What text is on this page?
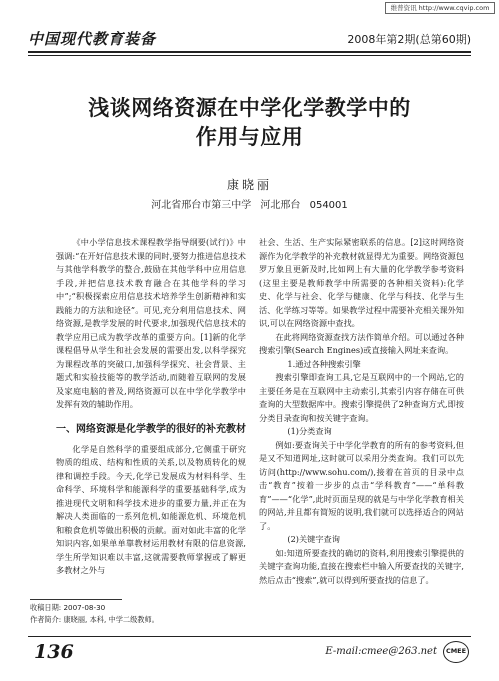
维普资讯 http://www.cqvip.com
中国现代教育装备	2008年第2期(总第60期)
浅谈网络资源在中学化学教学中的
作用与应用
康晓丽
河北省邢台市第三中学 河北邢台 054001

《中小学信息技术课程教学指导纲要(试行)》中强调:“在开好信息技术课的同时,要努力推进信息技术与其他学科教学的整合,鼓励在其他学科中应用信息手段,并把信息技术教育融合在其他学科的学习中”;“积极探索应用信息技术培养学生创新精神和实践能力的方法和途径”。可见,充分利用信息技术、网络资源,是教学发展的时代要求,加强现代信息技术的教学应用已成为教学改革的重要方向。[1]新的化学课程倡导从学生和社会发展的需要出发,以科学探究为课程改革的突破口,加强科学探究、社会背景、主题式和实验技能等的教学活动,而随着互联网的发展及家庭电脑的普及,网络资源可以在中学化学教学中发挥有效的辅助作用。

一、网络资源是化学教学的很好的补充教材

化学是自然科学的重要组成部分,它侧重于研究物质的组成、结构和性质的关系,以及物质转化的规律和调控手段。今天,化学已发展成为材料科学、生命科学、环境科学和能源科学的重要基础科学,成为推进现代文明和科学技术进步的重要力量,并正在为解决人类面临的一系列危机,如能源危机、环境危机和粮食危机等做出积极的贡献。面对如此丰富的化学知识内容,如果单单靠教材运用教材有限的信息资源,学生所学知识难以丰富,这就需要教师掌握或了解更多教材之外与

社会、生活、生产实际紧密联系的信息。[2]这时网络资源作为化学教学的补充教材就显得尤为重要。网络资源包罗万象且更新及时,比如网上有大量的化学教学参考资料(这里主要是教师教学中所需要的各种相关资料):化学史、化学与社会、化学与健康、化学与科技、化学与生活、化学练习等等。如果教学过程中需要补充相关课外知识,可以在网络资源中查找。

在此将网络资源查找方法作简单介绍。可以通过各种搜索引擎(Search Engines)或直接输入网址来查询。

1.通过各种搜索引擎

搜索引擎即查询工具,它是互联网中的一个网站,它的主要任务是在互联网中主动索引,其索引内容存储在可供查询的大型数据库中。搜索引擎提供了2种查询方式,即按分类目录查询和按关键字查询。

(1)分类查询

例如:要查询关于中学化学教育的所有的参考资料,但是又不知道网址,这时就可以采用分类查询。我们可以先访问(http://www.sohu.com/),接着在首页的目录中点击“教育”按着一步步的点击“学科教育”——“单科教育”——“化学”,此时页面呈现的就是与中学化学教育相关的网站,并且都有简短的说明,我们就可以选择适合的网站了。

(2)关键字查询

如:知道所要查找的确切的资料,利用搜索引擎提供的关键字查询功能,直接在搜索栏中输入所要查找的关键字,然后点击“搜索”,就可以得到所要查找的信息了。

收稿日期: 2007-08-30
作者简介: 康晓丽, 本科, 中学二级教师。
136	E-mail:cmee@263.net	CMEE
